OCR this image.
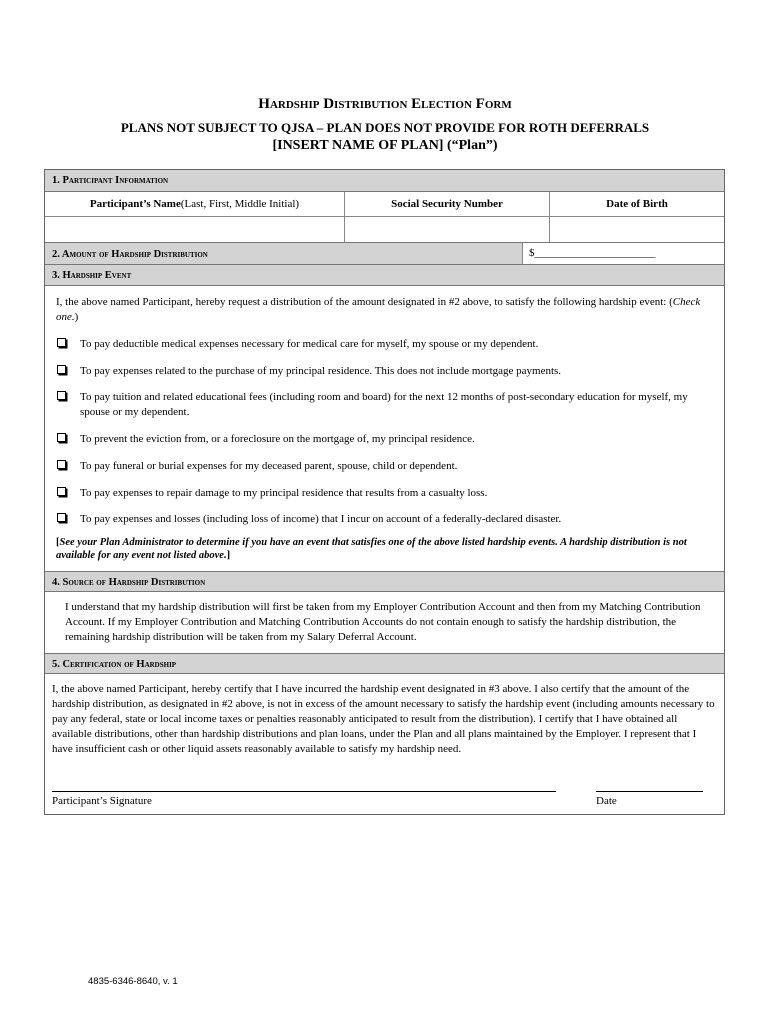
Hardship Distribution Election Form
PLANS NOT SUBJECT TO QJSA – PLAN DOES NOT PROVIDE FOR ROTH DEFERRALS
[INSERT NAME OF PLAN] (“Plan”)
1. Participant Information
Participant’s Name (Last, First, Middle Initial)	Social Security Number	Date of Birth
2. Amount of Hardship Distribution	$______________________
3. Hardship Event
I, the above named Participant, hereby request a distribution of the amount designated in #2 above, to satisfy the following hardship event: (Check one.)
To pay deductible medical expenses necessary for medical care for myself, my spouse or my dependent.
To pay expenses related to the purchase of my principal residence. This does not include mortgage payments.
To pay tuition and related educational fees (including room and board) for the next 12 months of post-secondary education for myself, my spouse or my dependent.
To prevent the eviction from, or a foreclosure on the mortgage of, my principal residence.
To pay funeral or burial expenses for my deceased parent, spouse, child or dependent.
To pay expenses to repair damage to my principal residence that results from a casualty loss.
To pay expenses and losses (including loss of income) that I incur on account of a federally-declared disaster.
[See your Plan Administrator to determine if you have an event that satisfies one of the above listed hardship events. A hardship distribution is not available for any event not listed above.]
4. Source of Hardship Distribution
I understand that my hardship distribution will first be taken from my Employer Contribution Account and then from my Matching Contribution Account. If my Employer Contribution and Matching Contribution Accounts do not contain enough to satisfy the hardship distribution, the remaining hardship distribution will be taken from my Salary Deferral Account.
5. Certification of Hardship
I, the above named Participant, hereby certify that I have incurred the hardship event designated in #3 above. I also certify that the amount of the hardship distribution, as designated in #2 above, is not in excess of the amount necessary to satisfy the hardship event (including amounts necessary to pay any federal, state or local income taxes or penalties reasonably anticipated to result from the distribution). I certify that I have obtained all available distributions, other than hardship distributions and plan loans, under the Plan and all plans maintained by the Employer. I represent that I have insufficient cash or other liquid assets reasonably available to satisfy my hardship need.
Participant’s Signature	Date
4835-6346-8640, v. 1
